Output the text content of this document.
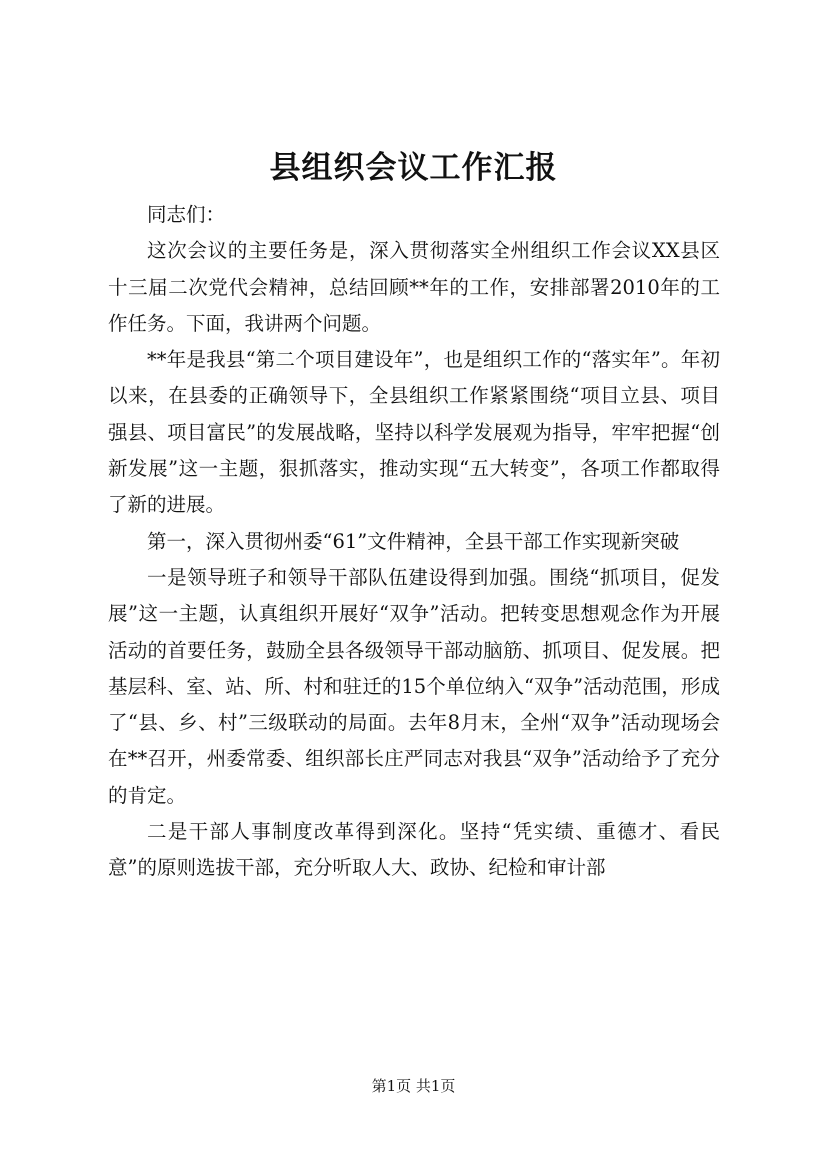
县组织会议工作汇报

同志们：

这次会议的主要任务是，深入贯彻落实全州组织工作会议XX县区十三届二次党代会精神，总结回顾**年的工作，安排部署2010年的工作任务。下面，我讲两个问题。

**年是我县“第二个项目建设年”，也是组织工作的“落实年”。年初以来，在县委的正确领导下，全县组织工作紧紧围绕“项目立县、项目强县、项目富民”的发展战略，坚持以科学发展观为指导，牢牢把握“创新发展”这一主题，狠抓落实，推动实现“五大转变”，各项工作都取得了新的进展。

第一，深入贯彻州委“61”文件精神，全县干部工作实现新突破

一是领导班子和领导干部队伍建设得到加强。围绕“抓项目，促发展”这一主题，认真组织开展好“双争”活动。把转变思想观念作为开展活动的首要任务，鼓励全县各级领导干部动脑筋、抓项目、促发展。把基层科、室、站、所、村和驻迁的15个单位纳入“双争”活动范围，形成了“县、乡、村”三级联动的局面。去年8月末，全州“双争”活动现场会在**召开，州委常委、组织部长庄严同志对我县“双争”活动给予了充分的肯定。

二是干部人事制度改革得到深化。坚持“凭实绩、重德才、看民意”的原则选拔干部，充分听取人大、政协、纪检和审计部

第1页 共1页
